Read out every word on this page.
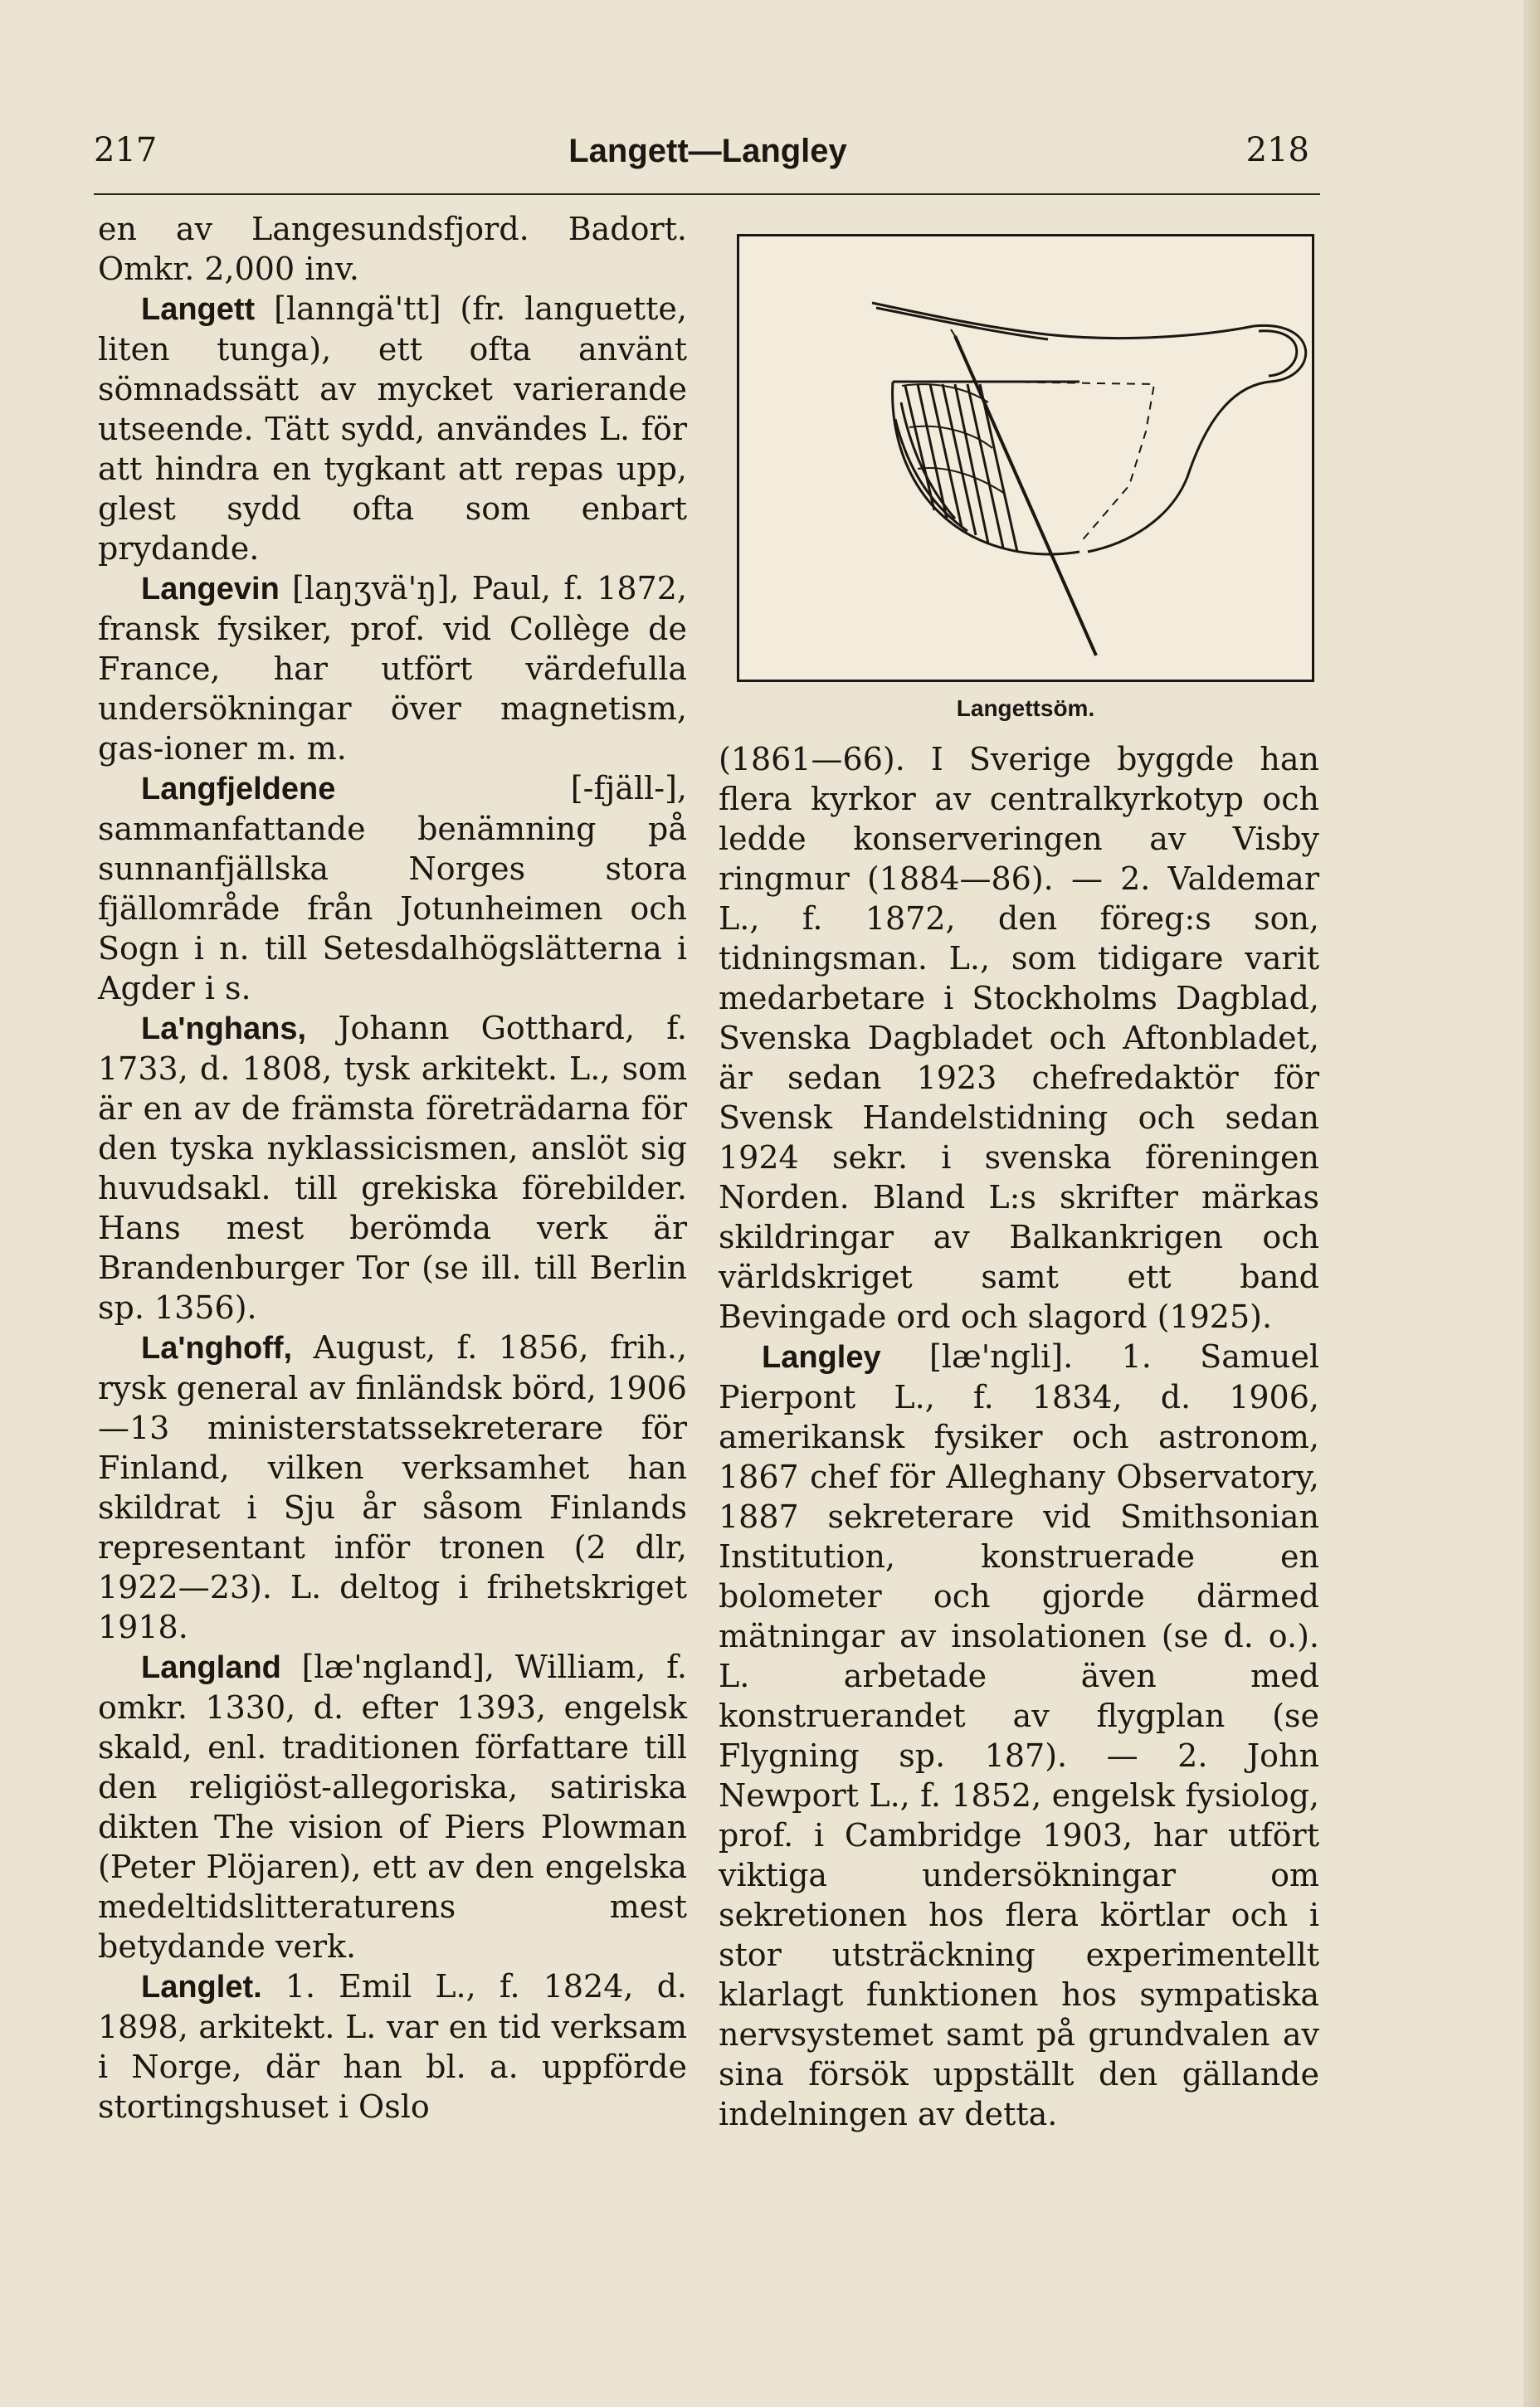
217	Langett—Langley	218

en av Langesundsfjord. Badort. Omkr. 2,000 inv.

Langett [lanngä'tt] (fr. languette, liten tunga), ett ofta använt sömnadssätt av mycket varierande utseende. Tätt sydd, användes L. för att hindra en tygkant att repas upp, glest sydd ofta som enbart prydande.

Langevin [laŋʒvä'ŋ], Paul, f. 1872, fransk fysiker, prof. vid Collège de France, har utfört värdefulla undersökningar över magnetism, gas-ioner m. m.

Langfjeldene	[-fjäll-], sammanfattande benämning på sunnanfjällska Norges stora fjällområde från Jotunheimen och Sogn i n. till Setesdalhögslätterna i Agder i s.

La'nghans, Johann Gotthard, f. 1733, d. 1808, tysk arkitekt. L., som är en av de främsta företrädarna för den tyska nyklassicismen, anslöt sig huvudsakl. till grekiska förebilder. Hans mest berömda verk är Brandenburger Tor (se ill. till Berlin sp. 1356).

La'nghoff, August, f. 1856, frih., rysk general av finländsk börd, 1906—13 ministerstatssekreterare för Finland, vilken verksamhet han skildrat i Sju år såsom Finlands representant inför tronen (2 dlr, 1922—23). L. deltog i frihetskriget 1918.

Langland [læ'ngland], William, f. omkr. 1330, d. efter 1393, engelsk skald, enl. traditionen författare till den religiöst-allegoriska, satiriska dikten The vision of Piers Plowman (Peter Plöjaren), ett av den engelska medeltidslitteraturens mest betydande verk.

Langlet. 1. Emil L., f. 1824, d. 1898, arkitekt. L. var en tid verksam i Norge, där han bl. a. uppförde stortingshuset i Oslo

Langettsöm.

(1861—66). I Sverige byggde han flera kyrkor av centralkyrkotyp och ledde konserveringen av Visby ringmur (1884—86). — 2. Valdemar L., f. 1872, den föreg:s son, tidningsman. L., som tidigare varit medarbetare i Stockholms Dagblad, Svenska Dagbladet och Aftonbladet, är sedan 1923 chefredaktör för Svensk Handelstidning och sedan 1924 sekr. i svenska föreningen Norden. Bland L:s skrifter märkas skildringar av Balkankrigen och världskriget samt ett band Bevingade ord och slagord (1925).

Langley [læ'ngli]. 1. Samuel Pierpont L., f. 1834, d. 1906, amerikansk fysiker och astronom, 1867 chef för Alleghany Observatory, 1887 sekreterare vid Smithsonian Institution, konstruerade en bolometer och gjorde därmed mätningar av insolationen (se d. o.). L. arbetade även med konstruerandet av flygplan (se Flygning sp. 187). — 2. John Newport L., f. 1852, engelsk fysiolog, prof. i Cambridge 1903, har utfört viktiga undersökningar om sekretionen hos flera körtlar och i stor utsträckning experimentellt klarlagt funktionen hos sympatiska nervsystemet samt på grundvalen av sina försök uppställt den gällande indelningen av detta.
